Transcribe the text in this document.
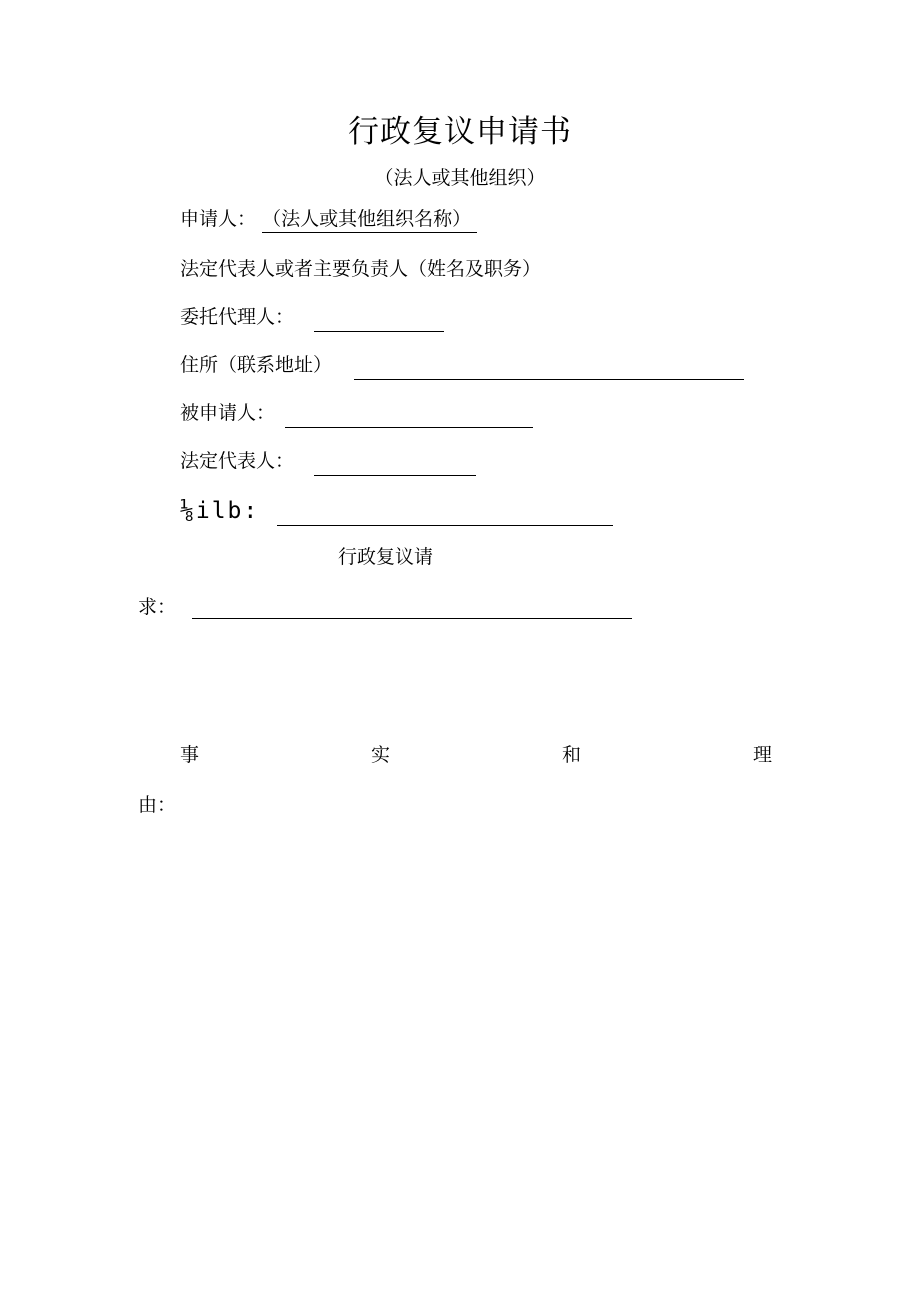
行政复议申请书
（法人或其他组织）
申请人： （法人或其他组织名称）
法定代表人或者主要负责人（姓名及职务）
委托代理人：
住所（联系地址）
被申请人：
法定代表人：
⅛ilb:
行政复议请
求：
事	实	和	理
由：
